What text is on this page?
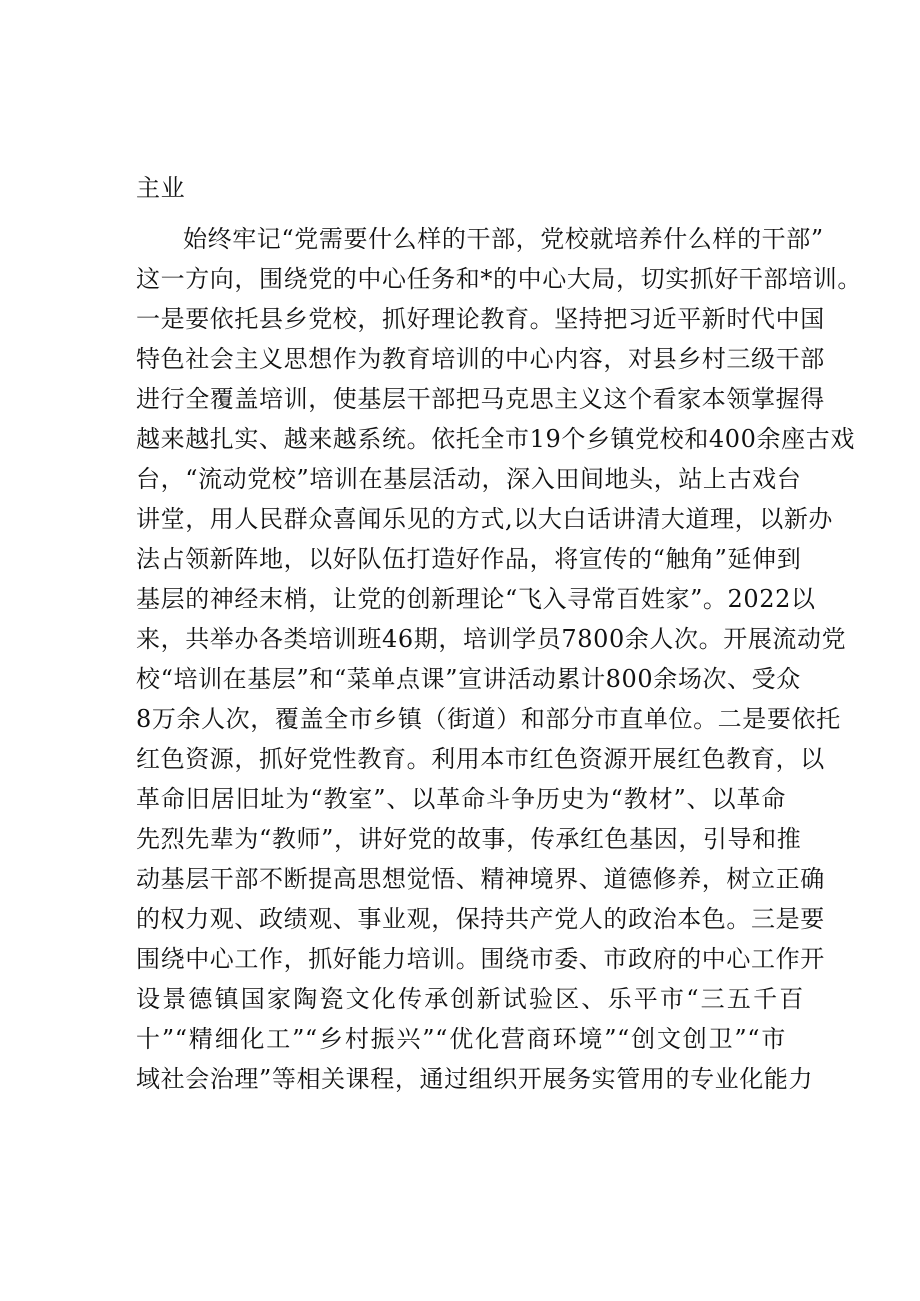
主业
始终牢记“党需要什么样的干部，党校就培养什么样的干部”
这一方向，围绕党的中心任务和*的中心大局，切实抓好干部培训。
一是要依托县乡党校，抓好理论教育。坚持把习近平新时代中国
特色社会主义思想作为教育培训的中心内容，对县乡村三级干部
进行全覆盖培训，使基层干部把马克思主义这个看家本领掌握得
越来越扎实、越来越系统。依托全市19个乡镇党校和400余座古戏
台，“流动党校”培训在基层活动，深入田间地头，站上古戏台
讲堂，用人民群众喜闻乐见的方式,以大白话讲清大道理，以新办
法占领新阵地，以好队伍打造好作品，将宣传的“触角”延伸到
基层的神经末梢，让党的创新理论“飞入寻常百姓家”。2022以
来，共举办各类培训班46期，培训学员7800余人次。开展流动党
校“培训在基层”和“菜单点课”宣讲活动累计800余场次、受众
8万余人次，覆盖全市乡镇（街道）和部分市直单位。二是要依托
红色资源，抓好党性教育。利用本市红色资源开展红色教育，以
革命旧居旧址为“教室”、以革命斗争历史为“教材”、以革命
先烈先辈为“教师”，讲好党的故事，传承红色基因，引导和推
动基层干部不断提高思想觉悟、精神境界、道德修养，树立正确
的权力观、政绩观、事业观，保持共产党人的政治本色。三是要
围绕中心工作，抓好能力培训。围绕市委、市政府的中心工作开
设景德镇国家陶瓷文化传承创新试验区、乐平市“三五千百
十”“精细化工”“乡村振兴”“优化营商环境”“创文创卫”“市
域社会治理”等相关课程，通过组织开展务实管用的专业化能力
